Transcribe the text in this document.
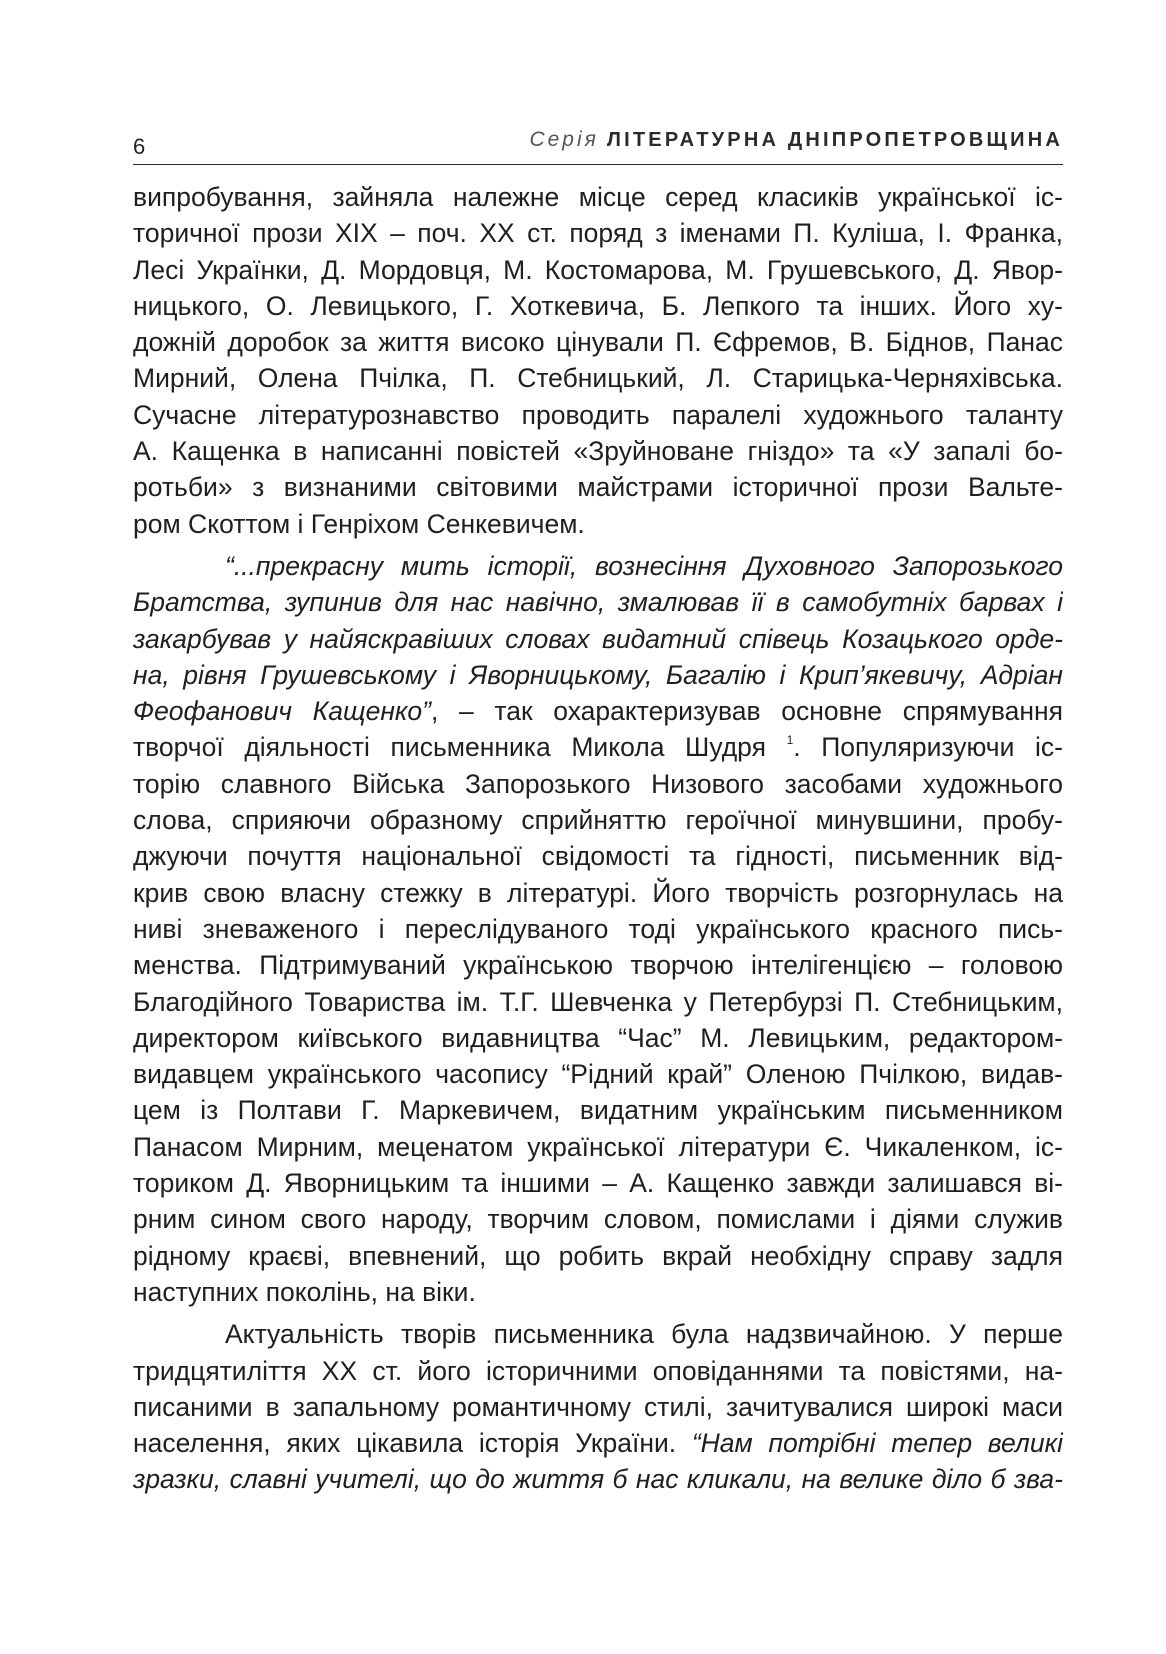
6	Серія ЛІТЕРАТУРНА ДНІПРОПЕТРОВЩИНА
випробування, зайняла належне місце серед класиків української іс-
торичної прози XIX – поч. XX ст. поряд з іменами П. Куліша, І. Франка,
Лесі Українки, Д. Мордовця, М. Костомарова, М. Грушевського, Д. Явор-
ницького, О. Левицького, Г. Хоткевича, Б. Лепкого та інших. Його ху-
дожній доробок за життя високо цінували П. Єфремов, В. Біднов, Панас
Мирний, Олена Пчілка, П. Стебницький, Л. Старицька-Черняхівська.
Сучасне літературознавство проводить паралелі художнього таланту
А. Кащенка в написанні повістей «Зруйноване гніздо» та «У запалі бо-
ротьби» з визнаними світовими майстрами історичної прози Вальте-
ром Скоттом і Генріхом Сенкевичем.
“...прекрасну мить історії, вознесіння Духовного Запорозького
Братства, зупинив для нас навічно, змалював її в самобутніх барвах і
закарбував у найяскравіших словах видатний співець Козацького орде-
на, рівня Грушевському і Яворницькому, Багалію і Крип’якевичу, Адріан
Феофанович Кащенко”, – так охарактеризував основне спрямування
творчої діяльності письменника Микола Шудря $^1$. Популяризуючи іс-
торію славного Війська Запорозького Низового засобами художнього
слова, сприяючи образному сприйняттю героїчної минувшини, пробу-
джуючи почуття національної свідомості та гідності, письменник від-
крив свою власну стежку в літературі. Його творчість розгорнулась на
ниві зневаженого і переслідуваного тоді українського красного пись-
менства. Підтримуваний українською творчою інтелігенцією – головою
Благодійного Товариства ім. Т.Г. Шевченка у Петербурзі П. Стебницьким,
директором київського видавництва “Час” М. Левицьким, редактором-
видавцем українського часопису “Рідний край” Оленою Пчілкою, видав-
цем із Полтави Г. Маркевичем, видатним українським письменником
Панасом Мирним, меценатом української літератури Є. Чикаленком, іс-
ториком Д. Яворницьким та іншими – А. Кащенко завжди залишався ві-
рним сином свого народу, творчим словом, помислами і діями служив
рідному краєві, впевнений, що робить вкрай необхідну справу задля
наступних поколінь, на віки.
Актуальність творів письменника була надзвичайною. У перше
тридцятиліття XX ст. його історичними оповіданнями та повістями, на-
писаними в запальному романтичному стилі, зачитувалися широкі маси
населення, яких цікавила історія України. “Нам потрібні тепер великі
зразки, славні учителі, що до життя б нас кликали, на велике діло б зва-
